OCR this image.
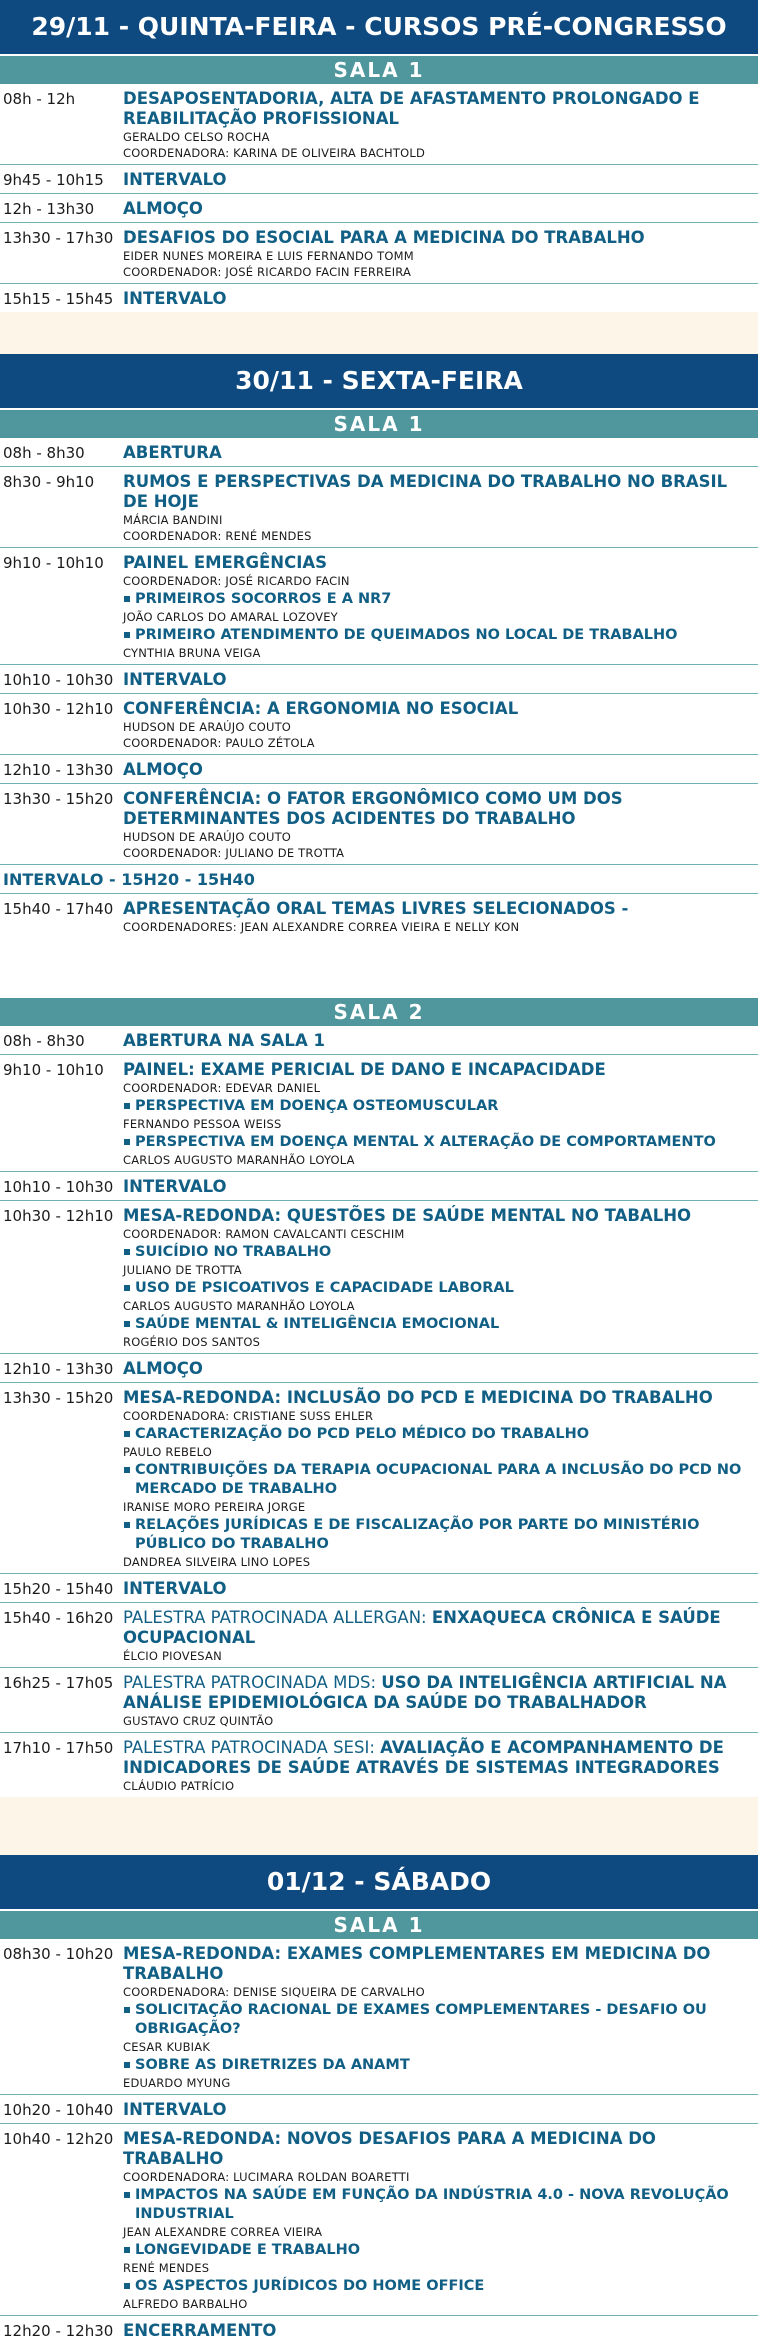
29/11 - QUINTA-FEIRA - CURSOS PRÉ-CONGRESSO
SALA 1
08h - 12h	DESAPOSENTADORIA, ALTA DE AFASTAMENTO PROLONGADO E REABILITAÇÃO PROFISSIONAL
GERALDO CELSO ROCHA
COORDENADORA: KARINA DE OLIVEIRA BACHTOLD
9h45 - 10h15	INTERVALO
12h - 13h30	ALMOÇO
13h30 - 17h30 DESAFIOS DO ESOCIAL PARA A MEDICINA DO TRABALHO
EIDER NUNES MOREIRA E LUIS FERNANDO TOMM
COORDENADOR: JOSÉ RICARDO FACIN FERREIRA
15h15 - 15h45 INTERVALO
30/11 - SEXTA-FEIRA
SALA 1
08h - 8h30	ABERTURA
8h30 - 9h10	RUMOS E PERSPECTIVAS DA MEDICINA DO TRABALHO NO BRASIL DE HOJE
MÁRCIA BANDINI
COORDENADOR: RENÉ MENDES
9h10 - 10h10	PAINEL EMERGÊNCIAS
COORDENADOR: JOSÉ RICARDO FACIN
PRIMEIROS SOCORROS E A NR7
JOÃO CARLOS DO AMARAL LOZOVEY
PRIMEIRO ATENDIMENTO DE QUEIMADOS NO LOCAL DE TRABALHO
CYNTHIA BRUNA VEIGA
10h10 - 10h30 INTERVALO
10h30 - 12h10 CONFERÊNCIA: A ERGONOMIA NO ESOCIAL
HUDSON DE ARAÚJO COUTO
COORDENADOR: PAULO ZÉTOLA
12h10 - 13h30 ALMOÇO
13h30 - 15h20 CONFERÊNCIA: O FATOR ERGONÔMICO COMO UM DOS DETERMINANTES DOS ACIDENTES DO TRABALHO
HUDSON DE ARAÚJO COUTO
COORDENADOR: JULIANO DE TROTTA
INTERVALO - 15H20 - 15H40
15h40 - 17h40 APRESENTAÇÃO ORAL TEMAS LIVRES SELECIONADOS -
COORDENADORES: JEAN ALEXANDRE CORREA VIEIRA E NELLY KON
SALA 2
08h - 8h30	ABERTURA NA SALA 1
9h10 - 10h10	PAINEL: EXAME PERICIAL DE DANO E INCAPACIDADE
COORDENADOR: EDEVAR DANIEL
PERSPECTIVA EM DOENÇA OSTEOMUSCULAR
FERNANDO PESSOA WEISS
PERSPECTIVA EM DOENÇA MENTAL X ALTERAÇÃO DE COMPORTAMENTO
CARLOS AUGUSTO MARANHÃO LOYOLA
10h10 - 10h30 INTERVALO
10h30 - 12h10 MESA-REDONDA: QUESTÕES DE SAÚDE MENTAL NO TABALHO
COORDENADOR: RAMON CAVALCANTI CESCHIM
SUICÍDIO NO TRABALHO
JULIANO DE TROTTA
USO DE PSICOATIVOS E CAPACIDADE LABORAL
CARLOS AUGUSTO MARANHÃO LOYOLA
SAÚDE MENTAL & INTELIGÊNCIA EMOCIONAL
ROGÉRIO DOS SANTOS
12h10 - 13h30 ALMOÇO
13h30 - 15h20 MESA-REDONDA: INCLUSÃO DO PCD E MEDICINA DO TRABALHO
COORDENADORA: CRISTIANE SUSS EHLER
CARACTERIZAÇÃO DO PCD PELO MÉDICO DO TRABALHO
PAULO REBELO
CONTRIBUIÇÕES DA TERAPIA OCUPACIONAL PARA A INCLUSÃO DO PCD NO MERCADO DE TRABALHO
IRANISE MORO PEREIRA JORGE
RELAÇÕES JURÍDICAS E DE FISCALIZAÇÃO POR PARTE DO MINISTÉRIO PÚBLICO DO TRABALHO
DANDREA SILVEIRA LINO LOPES
15h20 - 15h40 INTERVALO
15h40 - 16h20 PALESTRA PATROCINADA ALLERGAN: ENXAQUECA CRÔNICA E SAÚDE OCUPACIONAL
ÉLCIO PIOVESAN
16h25 - 17h05 PALESTRA PATROCINADA MDS: USO DA INTELIGÊNCIA ARTIFICIAL NA ANÁLISE EPIDEMIOLÓGICA DA SAÚDE DO TRABALHADOR
GUSTAVO CRUZ QUINTÃO
17h10 - 17h50 PALESTRA PATROCINADA SESI: AVALIAÇÃO E ACOMPANHAMENTO DE INDICADORES DE SAÚDE ATRAVÉS DE SISTEMAS INTEGRADORES
CLÁUDIO PATRÍCIO
01/12 - SÁBADO
SALA 1
08h30 - 10h20 MESA-REDONDA: EXAMES COMPLEMENTARES EM MEDICINA DO TRABALHO
COORDENADORA: DENISE SIQUEIRA DE CARVALHO
SOLICITAÇÃO RACIONAL DE EXAMES COMPLEMENTARES - DESAFIO OU OBRIGAÇÃO?
CESAR KUBIAK
SOBRE AS DIRETRIZES DA ANAMT
EDUARDO MYUNG
10h20 - 10h40 INTERVALO
10h40 - 12h20 MESA-REDONDA: NOVOS DESAFIOS PARA A MEDICINA DO TRABALHO
COORDENADORA: LUCIMARA ROLDAN BOARETTI
IMPACTOS NA SAÚDE EM FUNÇÃO DA INDÚSTRIA 4.0 - NOVA REVOLUÇÃO INDUSTRIAL
JEAN ALEXANDRE CORREA VIEIRA
LONGEVIDADE E TRABALHO
RENÉ MENDES
OS ASPECTOS JURÍDICOS DO HOME OFFICE
ALFREDO BARBALHO
12h20 - 12h30 ENCERRAMENTO
